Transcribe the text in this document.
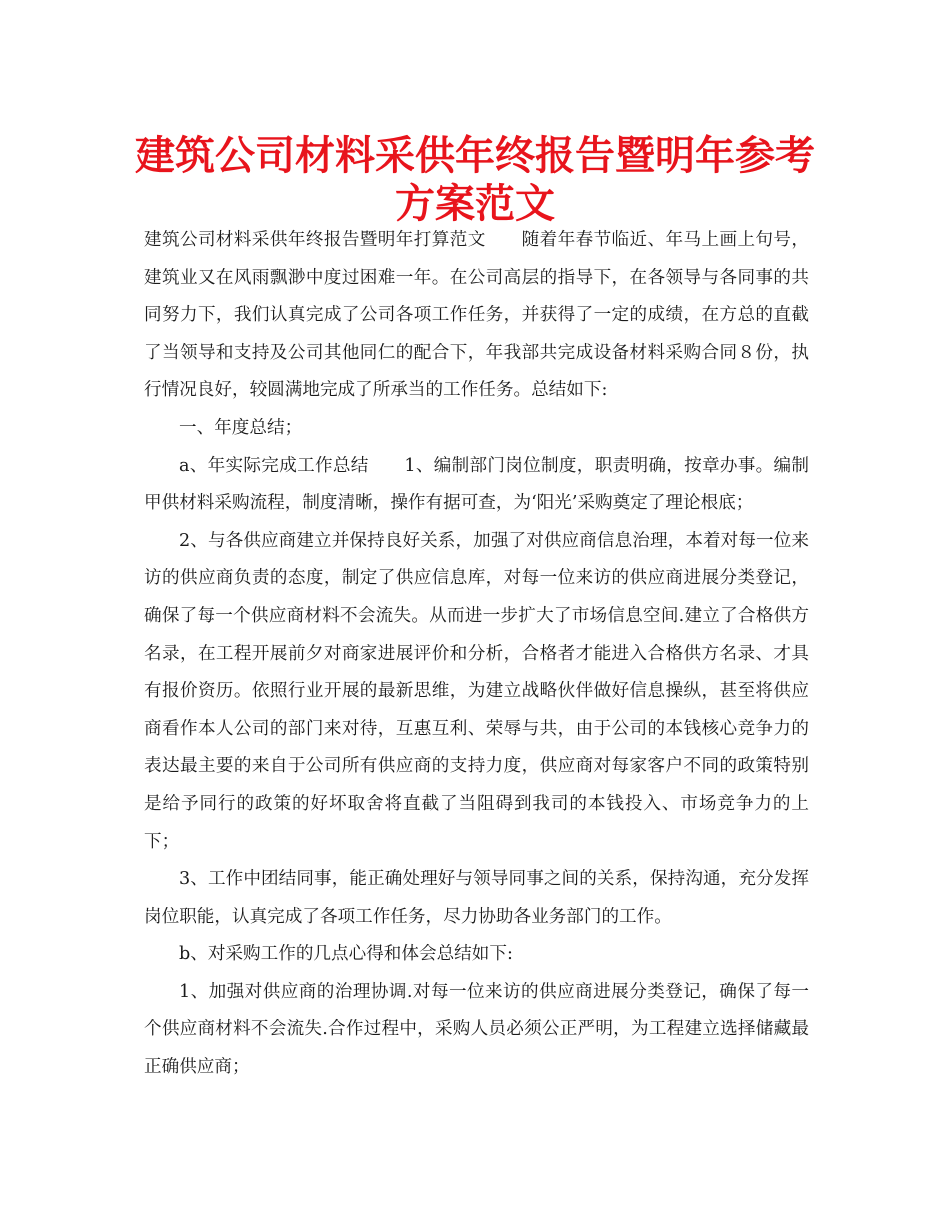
建筑公司材料采供年终报告暨明年参考方案范文

建筑公司材料采供年终报告暨明年打算范文　　随着年春节临近、年马上画上句号，建筑业又在风雨飘渺中度过困难一年。在公司高层的指导下，在各领导与各同事的共同努力下，我们认真完成了公司各项工作任务，并获得了一定的成绩，在方总的直截了当领导和支持及公司其他同仁的配合下，年我部共完成设备材料采购合同８份，执行情况良好，较圆满地完成了所承当的工作任务。总结如下:

一、年度总结；

a、年实际完成工作总结　　1、编制部门岗位制度，职责明确，按章办事。编制甲供材料采购流程，制度清晰，操作有据可查，为‘阳光’采购奠定了理论根底；

2、与各供应商建立并保持良好关系，加强了对供应商信息治理，本着对每一位来访的供应商负责的态度，制定了供应信息库，对每一位来访的供应商进展分类登记，确保了每一个供应商材料不会流失。从而进一步扩大了市场信息空间.建立了合格供方名录，在工程开展前夕对商家进展评价和分析，合格者才能进入合格供方名录、才具有报价资历。依照行业开展的最新思维，为建立战略伙伴做好信息操纵，甚至将供应商看作本人公司的部门来对待，互惠互利、荣辱与共，由于公司的本钱核心竞争力的表达最主要的来自于公司所有供应商的支持力度，供应商对每家客户不同的政策特别是给予同行的政策的好坏取舍将直截了当阻碍到我司的本钱投入、市场竞争力的上下；

3、工作中团结同事，能正确处理好与领导同事之间的关系，保持沟通，充分发挥岗位职能，认真完成了各项工作任务，尽力协助各业务部门的工作。

b、对采购工作的几点心得和体会总结如下:

1、加强对供应商的治理协调.对每一位来访的供应商进展分类登记，确保了每一个供应商材料不会流失.合作过程中，采购人员必须公正严明，为工程建立选择储藏最正确供应商；
